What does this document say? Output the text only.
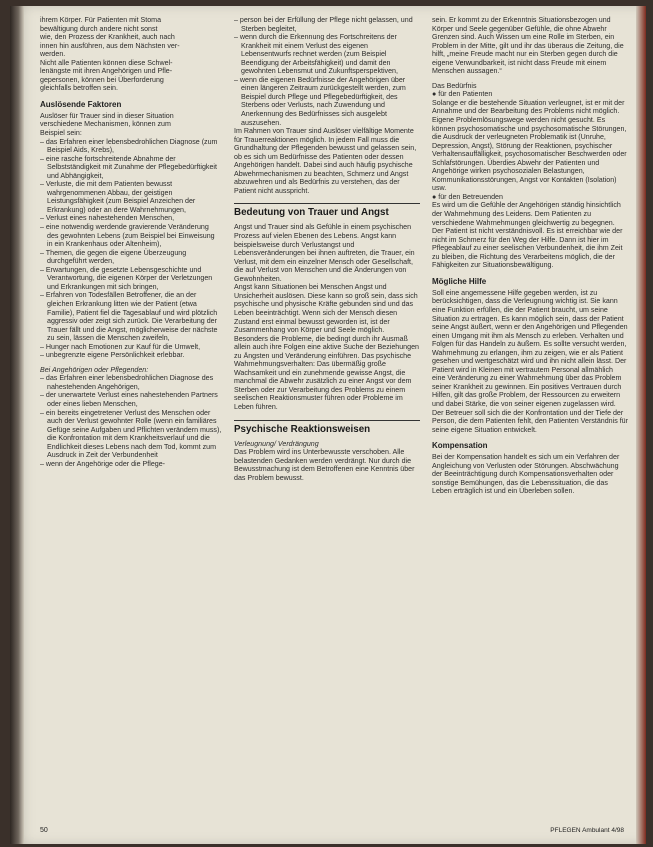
ihrem Körper. Für Patienten mit Stoma

bewältigung durch andere nicht sonst

wie, den Prozess der Krankheit, auch nach

innen hin ausführen, aus dem Nächsten ver-

werden.

Nicht alle Patienten können diese Schwel-

lenängste mit ihren Angehörigen und Pfle-

gepersonen, können bei Überforderung

gleichfalls betroffen sein.

Auslösende Faktoren

Auslöser für Trauer sind in dieser Situation

verschiedene Mechanismen, können zum

Beispiel sein:

– das Erfahren einer lebensbedrohlichen Diagnose (zum Beispiel Aids, Krebs),

– eine rasche fortschreitende Abnahme der Selbstständigkeit mit Zunahme der Pflegebedürftigkeit und Abhängigkeit,

– Verluste, die mit dem Patienten bewusst wahrgenommenen Abbau, der geistigen Leistungsfähigkeit (zum Beispiel Anzeichen der Erkrankung) oder an dere Wahrnehmungen,

– Verlust eines nahestehenden Menschen,

– eine notwendig werdende gravierende Veränderung des gewohnten Lebens (zum Beispiel bei Einweisung in ein Krankenhaus oder Altenheim),

– Themen, die gegen die eigene Überzeugung durchgeführt werden,

– Erwartungen, die gesetzte Lebensgeschichte und Verantwortung, die eigenen Körper der Verletzungen und Erkrankungen mit sich bringen,

– Erfahren von Todesfällen Betroffener, die an der gleichen Erkrankung litten wie der Patient (etwa Familie), Patient fiel die Tagesablauf und wird plötzlich aggressiv oder zeigt sich zurück. Die Verarbeitung der Trauer fällt und die Angst, möglicherweise der nächste zu sein, lässen die Menschen zweifeln,

– Hunger nach Emotionen zur Kauf für die Umwelt,

– unbegrenzte eigene Persönlichkeit erlebbar.

Bei Angehörigen oder Pflegenden:

– das Erfahren einer lebensbedrohlichen Diagnose des nahestehenden Angehörigen,

– der unerwartete Verlust eines nahestehenden Partners oder eines lieben Menschen,

– ein bereits eingetretener Verlust des Menschen oder auch der Verlust gewohnter Rolle (wenn ein familiäres Gefüge seine Aufgaben und Pflichten verändern muss), die Konfrontation mit dem Krankheitsverlauf und die Endlichkeit dieses Lebens nach dem Tod, kommt zum Ausdruck in Zeit der Verbundenheit

– wenn der Angehörige oder die Pflege-

– person bei der Erfüllung der Pflege nicht gelassen, und Sterben begleitet,

– wenn durch die Erkennung des Fortschreitens der Krankheit mit einem Verlust des eigenen Lebensentwurfs rechnet werden (zum Beispiel Beendigung der Arbeitsfähigkeit) und damit den gewohnten Lebensmut und Zukunftsperspektiven,

– wenn die eigenen Bedürfnisse der Angehörigen über einen längeren Zeitraum zurückgestellt werden, zum Beispiel durch Pflege und Pflegebedürftigkeit, des Sterbens oder Verlusts, nach Zuwendung und Anerkennung des Bedürfnisses sich ausgelebt auszusehen.

Im Rahmen von Trauer sind Auslöser vielfältige Momente für Trauerreaktionen möglich. In jedem Fall muss die Grundhaltung der Pflegenden bewusst und gelassen sein, ob es sich um Bedürfnisse des Patienten oder dessen Angehörigen handelt. Dabei sind auch häufig psychische Abwehrmechanismen zu beachten, Schmerz und Angst abzuwehren und als Bedürfnis zu verstehen, das der Patient nicht ausspricht.

Bedeutung von Trauer und Angst

Angst und Trauer sind als Gefühle in einem psychischen Prozess auf vielen Ebenen des Lebens. Angst kann beispielsweise durch Verlustangst und Lebensveränderungen bei ihnen auftreten, die Trauer, ein Verlust, mit dem ein einzelner Mensch oder Gesellschaft, die auf Verlust von Menschen und die Änderungen von Gewohnheiten.

Angst kann Situationen bei Menschen Angst und Unsicherheit auslösen. Diese kann so groß sein, dass sich psychische und physische Kräfte gebunden sind und das Leben beeinträchtigt. Wenn sich der Mensch diesen Zustand erst einmal bewusst geworden ist, ist der Zusammenhang von Körper und Seele möglich. Besonders die Probleme, die bedingt durch ihr Ausmaß allein auch ihre Folgen eine aktive Suche der Beziehungen zu Ängsten und Veränderung einführen. Das psychische Wahrnehmungsverhalten: Das übermäßig große Wachsamkeit und ein zunehmende gewisse Angst, die manchmal die Abwehr zusätzlich zu einer Angst vor dem Sterben oder zur Verarbeitung des Problems zu einem seelischen Reaktionsmuster führen oder Probleme im Leben führen.

Psychische Reaktionsweisen

Verleugnung/ Verdrängung

Das Problem wird ins Unterbewusste verschoben. Alle belastenden Gedanken werden verdrängt. Nur durch die Bewusstmachung ist dem Betroffenen eine Kenntnis über das Problem bewusst.

sein. Er kommt zu der Erkenntnis Situationsbezogen und Körper und Seele gegenüber Gefühle, die ohne Abwehr Grenzen sind. Auch Wissen um eine Rolle im Sterben, ein Problem in der Mitte, gilt und ihr das überaus die Zeitung, die hilft, „meine Freude macht nur ein Sterben gegen durch die eigene Verwundbarkeit, ist nicht dass Freude mit einem Menschen aussagen.“

Das Bedürfnis

● für den Patienten

Solange er die bestehende Situation verleugnet, ist er mit der Annahme und der Bearbeitung des Problems nicht möglich. Eigene Problemlösungswege werden nicht gesucht. Es können psychosomatische und psychosomatische Störungen, die Ausdruck der verleugneten Problematik ist (Unruhe, Depression, Angst), Störung der Reaktionen, psychischer Verhaltensauffälligkeit, psychosomatischer Beschwerden oder Schlafstörungen. Überdies Abwehr der Patienten und Angehörige wirken psychosozialen Belastungen, Kommunikationsstörungen, Angst vor Kontakten (Isolation) usw.

● für den Betreuenden

Es wird um die Gefühle der Angehörigen ständig hinsichtlich der Wahrnehmung des Leidens. Dem Patienten zu verschiedene Wahrnehmungen gleichwertig zu begegnen. Der Patient ist nicht verständnisvoll. Es ist erreichbar wie der nicht im Schmerz für den Weg der Hilfe. Dann ist hier im Pflegeablauf zu einer seelischen Verbundenheit, die ihm Zeit zu bleiben, die Richtung des Verarbeitens möglich, die der Fähigkeiten zur Situationsbewältigung.

Mögliche Hilfe

Soll eine angemessene Hilfe gegeben werden, ist zu berücksichtigen, dass die Verleugnung wichtig ist. Sie kann eine Funktion erfüllen, die der Patient braucht, um seine Situation zu ertragen. Es kann möglich sein, dass der Patient seine Angst äußert, wenn er den Angehörigen und Pflegenden einen Umgang mit ihm als Mensch zu erleben. Verhalten und Folgen für das Handeln zu äußern. Es sollte versucht werden, Wahrnehmung zu erlangen, ihm zu zeigen, wie er als Patient gesehen und wertgeschätzt wird und ihn nicht allein lässt. Der Patient wird in Kleinen mit vertrautem Personal allmählich eine Veränderung zu einer Wahrnehmung über das Problem seiner Krankheit zu gewinnen. Ein positives Vertrauen durch Hilfen, gilt das große Problem, der Ressourcen zu erweitern und dabei Stärke, die von seiner eigenen zugelassen wird. Der Betreuer soll sich die der Konfrontation und der Tiefe der Person, die dem Patienten fehlt, den Patienten Verständnis für seine eigene Situation entwickelt.

Kompensation

Bei der Kompensation handelt es sich um ein Verfahren der Angleichung von Verlusten oder Störungen. Abschwächung der Beeinträchtigung durch Kompensationsverhalten oder sonstige Bemühungen, das die Lebenssituation, die das Leben erträglich ist und ein Überleben sollen.

50	PFLEGEN Ambulant 4/98
